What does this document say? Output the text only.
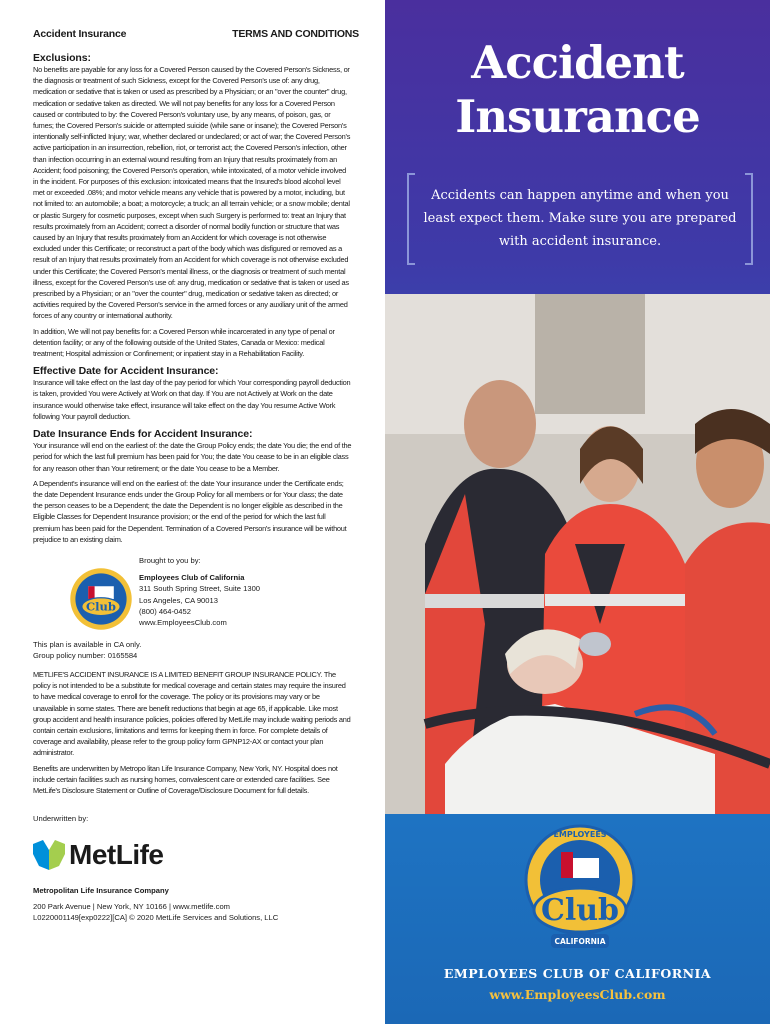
Accident Insurance	TERMS AND CONDITIONS
Exclusions:
No benefits are payable for any loss for a Covered Person caused by the Covered Person's Sickness, or the diagnosis or treatment of such Sickness, except for the Covered Person's use of: any drug, medication or sedative that is taken or used as prescribed by a Physician; or an "over the counter" drug, medication or sedative taken as directed. We will not pay benefits for any loss for a Covered Person caused or contributed to by: the Covered Person's voluntary use, by any means, of poison, gas, or fumes; the Covered Person's suicide or attempted suicide (while sane or insane); the Covered Person's intentionally self-inflicted Injury; war, whether declared or undeclared; or act of war; the Covered Person's active participation in an insurrection, rebellion, riot, or terrorist act; the Covered Person's infection, other than infection occurring in an external wound resulting from an Injury that results proximately from an Accident; food poisoning; the Covered Person's operation, while intoxicated, of a motor vehicle involved in the incident. For purposes of this exclusion: intoxicated means that the Insured's blood alcohol level met or exceeded .08%; and motor vehicle means any vehicle that is powered by a motor, including, but not limited to: an automobile; a boat; a motorcycle; a truck; an all terrain vehicle; or a snow mobile; dental or plastic Surgery for cosmetic purposes, except when such Surgery is performed to: treat an Injury that results proximately from an Accident; correct a disorder of normal bodily function or structure that was caused by an Injury that results proximately from an Accident for which coverage is not otherwise excluded under this Certificate; or reconstruct a part of the body which was disfigured or removed as a result of an Injury that results proximately from an Accident for which coverage is not otherwise excluded under this Certificate; the Covered Person's mental illness, or the diagnosis or treatment of such mental illness, except for the Covered Person's use of: any drug, medication or sedative that is taken or used as prescribed by a Physician; or an "over the counter" drug, medication or sedative taken as directed; or activities required by the Covered Person's service in the armed forces or any auxiliary unit of the armed forces of any country or international authority.
In addition, We will not pay benefits for: a Covered Person while incarcerated in any type of penal or detention facility; or any of the following outside of the United States, Canada or Mexico: medical treatment; Hospital admission or Confinement; or inpatient stay in a Rehabilitation Facility.
Effective Date for Accident Insurance:
Insurance will take effect on the last day of the pay period for which Your corresponding payroll deduction is taken, provided You were Actively at Work on that day. If You are not Actively at Work on the date insurance would otherwise take effect, insurance will take effect on the day You resume Active Work following Your payroll deduction.
Date Insurance Ends for Accident Insurance:
Your insurance will end on the earliest of: the date the Group Policy ends; the date You die; the end of the period for which the last full premium has been paid for You; the date You cease to be in an eligible class for any reason other than Your retirement; or the date You cease to be a Member.
A Dependent's insurance will end on the earliest of: the date Your insurance under the Certificate ends; the date Dependent Insurance ends under the Group Policy for all members or for Your class; the date the person ceases to be a Dependent; the date the Dependent is no longer eligible as described in the Eligible Classes for Dependent Insurance provision; or the end of the period for which the last full premium has been paid for the Dependent. Termination of a Covered Person's insurance will be without prejudice to an existing claim.
Club
Brought to you by:
Employees Club of California
311 South Spring Street, Suite 1300
Los Angeles, CA 90013
(800) 464-0452
www.EmployeesClub.com
This plan is available in CA only.
Group policy number: 0165584
METLIFE'S ACCIDENT INSURANCE IS A LIMITED BENEFIT GROUP INSURANCE POLICY. The policy is not intended to be a substitute for medical coverage and certain states may require the insured to have medical coverage to enroll for the coverage. The policy or its provisions may vary or be unavailable in some states. There are benefit reductions that begin at age 65, if applicable. Like most group accident and health insurance policies, policies offered by MetLife may include waiting periods and contain certain exclusions, limitations and terms for keeping them in force. For complete details of coverage and availability, please refer to the group policy form GPNP12-AX or contact your plan administrator.
Benefits are underwritten by Metropo litan Life Insurance Company, New York, NY. Hospital does not include certain facilities such as nursing homes, convalescent care or extended care facilities. See MetLife's Disclosure Statement or Outline of Coverage/Disclosure Document for full details.
Underwritten by:
MetLife
Metropolitan Life Insurance Company
200 Park Avenue | New York, NY 10166 | www.metlife.com
L0220001149[exp0222][CA] © 2020 MetLife Services and Solutions, LLC
Accident
Insurance
Accidents can happen anytime and when you least expect them. Make sure you are prepared with accident insurance.
Club
EMPLOYEES
CALIFORNIA
EMPLOYEES CLUB OF CALIFORNIA
www.EmployeesClub.com
